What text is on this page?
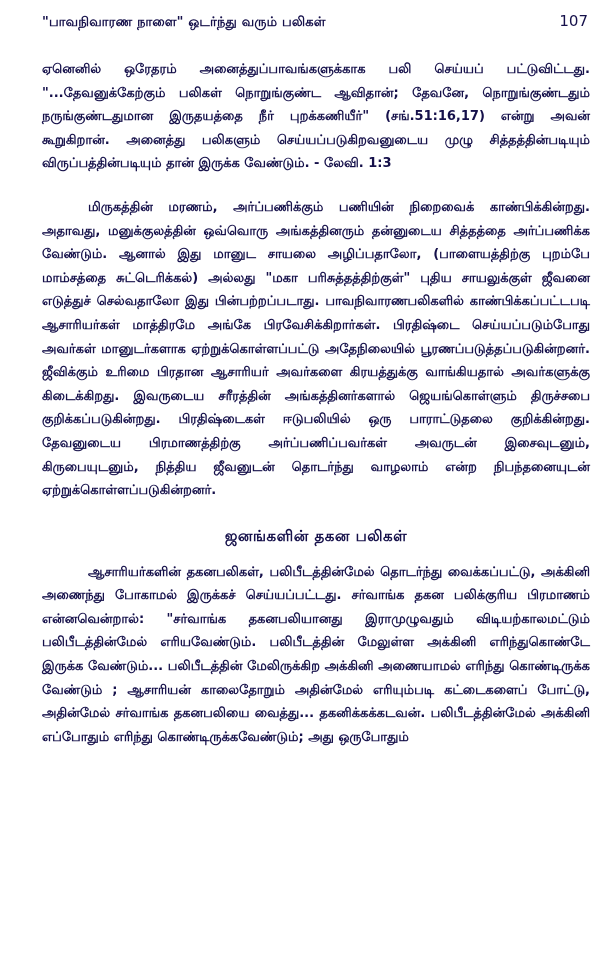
"பாவநிவாரண நாளை" ஒடர்ந்து வரும் பலிகள்	107

ஏனெனில் ஒரேதரம் அனைத்துப்பாவங்களுக்காக பலி செய்யப் பட்டுவிட்டது. "...தேவனுக்கேற்கும் பலிகள் நொறுங்குண்ட ஆவிதான்; தேவனே, நொறுங்குண்டதும் நருங்குண்டதுமான இருதயத்தை நீர் புறக்கணியீர்" (சங்.51:16,17) என்று அவன் கூறுகிறான். அனைத்து பலிகளும் செய்யப்படுகிறவனுடைய முழு சித்தத்தின்படியும் விருப்பத்தின்படியும் தான் இருக்க வேண்டும். - லேவி. 1:3

மிருகத்தின் மரணம், அர்ப்பணிக்கும் பணியின் நிறைவைக் காண்பிக்கின்றது. அதாவது, மனுக்குலத்தின் ஒவ்வொரு அங்கத்தினரும் தன்னுடைய சித்தத்தை அர்ப்பணிக்க வேண்டும். ஆனால் இது மானுட சாயலை அழிப்பதாலோ, (பாளையத்திற்கு புறம்பே மாம்சத்தை சுட்டெரிக்கல்) அல்லது "மகா பரிசுத்தத்திற்குள்" புதிய சாயலுக்குள் ஜீவனை எடுத்துச் செல்வதாலோ இது பின்பற்றப்படாது. பாவநிவாரணபலிகளில் காண்பிக்கப்பட்டபடி ஆசாரியர்கள் மாத்திரமே அங்கே பிரவேசிக்கிறார்கள். பிரதிஷ்டை செய்யப்படும்போது அவர்கள் மானுடர்களாக ஏற்றுக்கொள்ளப்பட்டு அதேநிலையில் பூரணப்படுத்தப்படுகின்றனர். ஜீவிக்கும் உரிமை பிரதான ஆசாரியர் அவர்களை கிரயத்துக்கு வாங்கியதால் அவர்களுக்கு கிடைக்கிறது. இவருடைய சரீரத்தின் அங்கத்தினர்களால் ஜெயங்கொள்ளும் திருச்சபை குறிக்கப்படுகின்றது. பிரதிஷ்டைகள் ஈடுபலியில் ஒரு பாராட்டுதலை குறிக்கின்றது. தேவனுடைய பிரமாணத்திற்கு அர்ப்பணிப்பவர்கள் அவருடன் இசைவுடனும், கிருபையுடனும், நித்திய ஜீவனுடன் தொடர்ந்து வாழலாம் என்ற நிபந்தனையுடன் ஏற்றுக்கொள்ளப்படுகின்றனர்.

ஜனங்களின் தகன பலிகள்

ஆசாரியர்களின் தகனபலிகள், பலிபீடத்தின்மேல் தொடர்ந்து வைக்கப்பட்டு, அக்கினி அணைந்து போகாமல் இருக்கச் செய்யப்பட்டது. சர்வாங்க தகன பலிக்குரிய பிரமாணம் என்னவென்றால்: "சர்வாங்க தகனபலியானது இராமுழுவதும் விடியற்காலமட்டும் பலிபீடத்தின்மேல் எரியவேண்டும். பலிபீடத்தின் மேலுள்ள அக்கினி எரிந்துகொண்டே இருக்க வேண்டும்... பலிபீடத்தின் மேலிருக்கிற அக்கினி அணையாமல் எரிந்து கொண்டிருக்க வேண்டும் ; ஆசாரியன் காலைதோறும் அதின்மேல் எரியும்படி கட்டைகளைப் போட்டு, அதின்மேல் சர்வாங்க தகனபலியை வைத்து... தகனிக்கக்கடவன். பலிபீடத்தின்மேல் அக்கினி எப்போதும் எரிந்து கொண்டிருக்கவேண்டும்; அது ஒருபோதும்
